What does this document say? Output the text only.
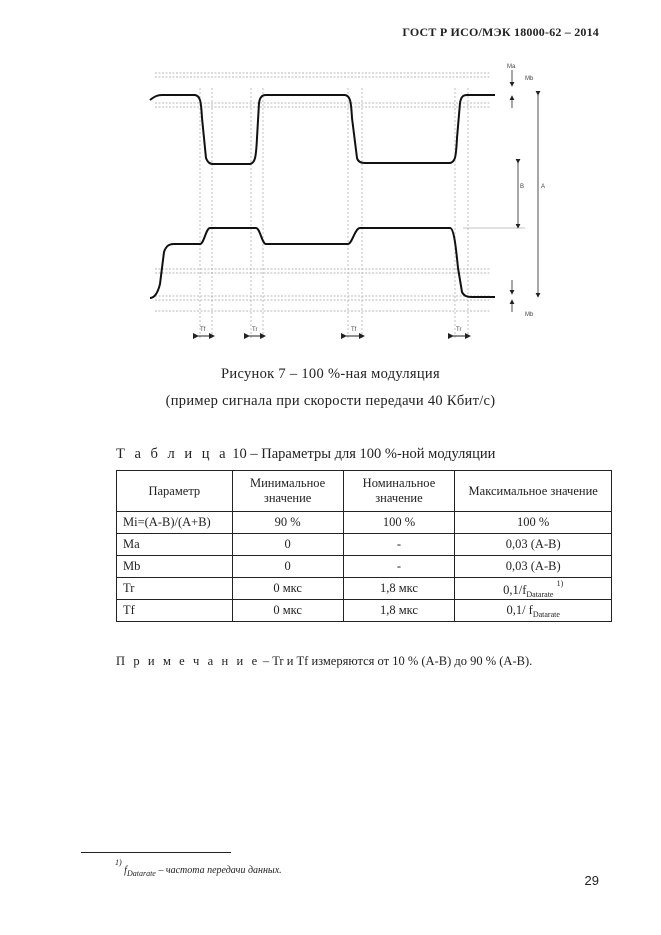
ГОСТ Р ИСО/МЭК 18000-62 – 2014
Ma
Mb
B	A
Mb
Tf	Tr	Tf	Tr
Рисунок 7 – 100 %-ная модуляция
(пример сигнала при скорости передачи 40 Кбит/с)
Т а б л и ц а 10 – Параметры для 100 %-ной модуляции
Параметр	Минимальное значение	Номинальное значение	Максимальное значение
Mi=(A-B)/(A+B)	90 %	100 %	100 %
Ma	0	-	0,03 (A-B)
Mb	0	-	0,03 (A-B)
Tr	0 мкс	1,8 мкс	$0,1/f_{Datarate}$ $^{1)}$
Tf	0 мкс	1,8 мкс	0,1/ $f_{Datarate}$
П р и м е ч а н и е – Tr и Tf измеряются от 10 % (A-B) до 90 % (A-B).
$^{1)}$ $f_{Datarate}$ – частота передачи данных.
29
